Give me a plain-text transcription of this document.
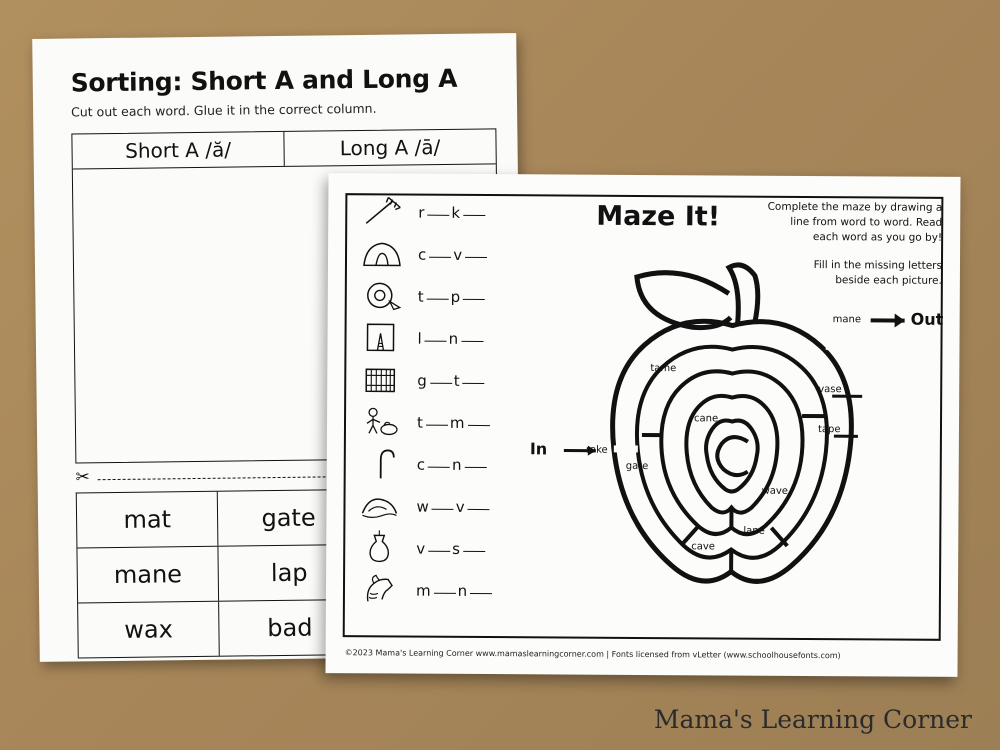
Sorting: Short A and Long A
Cut out each word. Glue it in the correct column.
Short A /ă/	Long A /ā/
✂
mat	gate
mane	lap
wax	bad
Maze It!	Complete the maze by drawing a line from word to word. Read each word as you go by!
Fill in the missing letters beside each picture.
r k
c v
t p
l n
g t
t m
c n
w v
v s
m n
In
Out
rake
gate
tame
cane
cave
lane
wave
tape
vase
mane
©2023 Mama's Learning Corner www.mamaslearningcorner.com | Fonts licensed from vLetter (www.schoolhousefonts.com)
Mama's Learning Corner
